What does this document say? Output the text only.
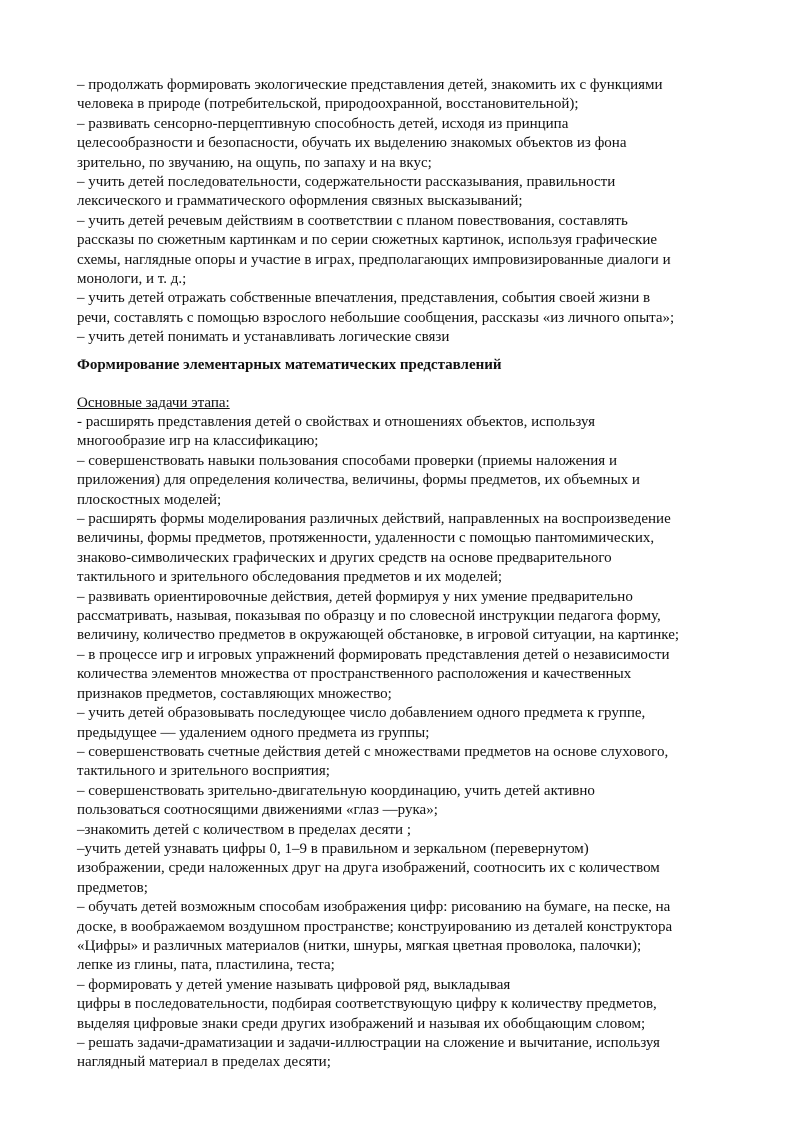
– продолжать формировать экологические представления детей, знакомить их с функциями
человека в природе (потребительской, природоохранной, восстановительной);
– развивать сенсорно-перцептивную способность детей, исходя из принципа
целесообразности и безопасности, обучать их выделению знакомых объектов из фона
зрительно, по звучанию, на ощупь, по запаху и на вкус;
– учить детей последовательности, содержательности рассказывания, правильности
лексического и грамматического оформления связных высказываний;
– учить детей речевым действиям в соответствии с планом повествования, составлять
рассказы по сюжетным картинкам и по серии сюжетных картинок, используя графические
схемы, наглядные опоры и участие в играх, предполагающих импровизированные диалоги и
монологи, и т. д.;
– учить детей отражать собственные впечатления, представления, события своей жизни в
речи, составлять с помощью взрослого небольшие сообщения, рассказы «из личного опыта»;
– учить детей понимать и устанавливать логические связи
Формирование элементарных математических представлений
Основные задачи этапа:
- расширять представления детей о свойствах и отношениях объектов, используя
многообразие игр на классификацию;
– совершенствовать навыки пользования способами проверки (приемы наложения и
приложения) для определения количества, величины, формы предметов, их объемных и
плоскостных моделей;
– расширять формы моделирования различных действий, направленных на воспроизведение
величины, формы предметов, протяженности, удаленности с помощью пантомимических,
знаково-символических графических и других средств на основе предварительного
тактильного и зрительного обследования предметов и их моделей;
– развивать ориентировочные действия, детей формируя у них умение предварительно
рассматривать, называя, показывая по образцу и по словесной инструкции педагога форму,
величину, количество предметов в окружающей обстановке, в игровой ситуации, на картинке;
– в процессе игр и игровых упражнений формировать представления детей о независимости
количества элементов множества от пространственного расположения и качественных
признаков предметов, составляющих множество;
– учить детей образовывать последующее число добавлением одного предмета к группе,
предыдущее — удалением одного предмета из группы;
– совершенствовать счетные действия детей с множествами предметов на основе слухового,
тактильного и зрительного восприятия;
– совершенствовать зрительно-двигательную координацию, учить детей активно
пользоваться соотносящими движениями «глаз —рука»;
–знакомить детей с количеством в пределах десяти ;
–учить детей узнавать цифры 0, 1–9 в правильном и зеркальном (перевернутом)
изображении, среди наложенных друг на друга изображений, соотносить их с количеством
предметов;
– обучать детей возможным способам изображения цифр: рисованию на бумаге, на песке, на
доске, в воображаемом воздушном пространстве; конструированию из деталей конструктора
«Цифры» и различных материалов (нитки, шнуры, мягкая цветная проволока, палочки);
лепке из глины, пата, пластилина, теста;
– формировать у детей умение называть цифровой ряд, выкладывая
цифры в последовательности, подбирая соответствующую цифру к количеству предметов,
выделяя цифровые знаки среди других изображений и называя их обобщающим словом;
– решать задачи-драматизации и задачи-иллюстрации на сложение и вычитание, используя
наглядный материал в пределах десяти;
